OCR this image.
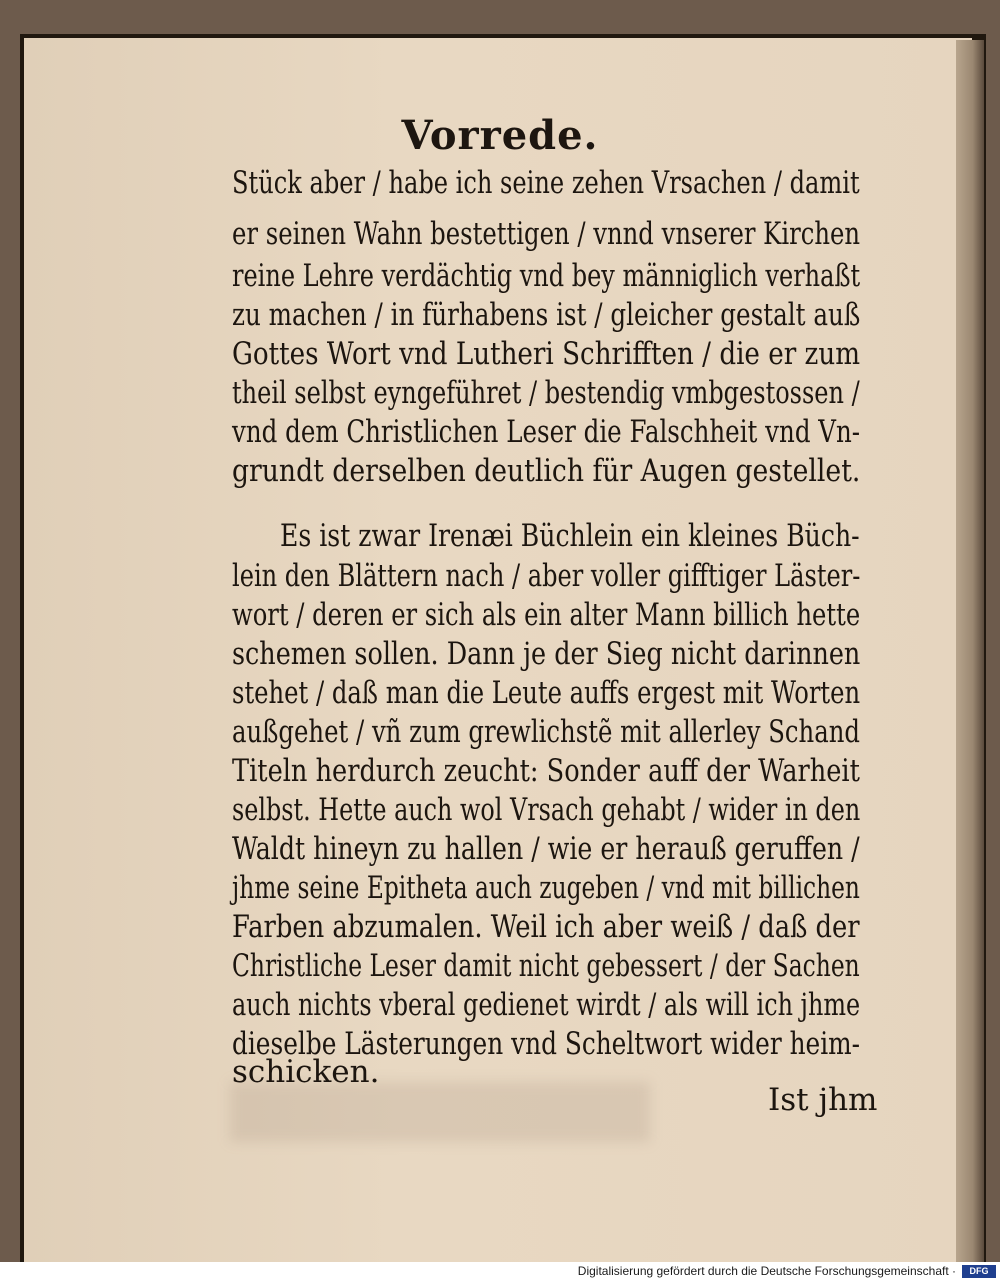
Vorrede.
Stück aber / habe ich seine zehen Vrsachen / damit
er seinen Wahn bestettigen / vnnd vnserer Kirchen
reine Lehre verdächtig vnd bey männiglich verhaßt
zu machen / in fürhabens ist / gleicher gestalt auß
Gottes Wort vnd Lutheri Schrifften / die er zum
theil selbst eyngeführet / bestendig vmbgestossen /
vnd dem Christlichen Leser die Falschheit vnd Vn-
grundt derselben deutlich für Augen gestellet.
Es ist zwar Irenæi Büchlein ein kleines Büch-
lein den Blättern nach / aber voller gifftiger Läster-
wort / deren er sich als ein alter Mann billich hette
schemen sollen. Dann je der Sieg nicht darinnen
stehet / daß man die Leute auffs ergest mit Worten
außgehet / vñ zum grewlichstẽ mit allerley Schand
Titeln herdurch zeucht: Sonder auff der Warheit
selbst. Hette auch wol Vrsach gehabt / wider in den
Waldt hineyn zu hallen / wie er herauß geruffen /
jhme seine Epitheta auch zugeben / vnd mit billichen
Farben abzumalen. Weil ich aber weiß / daß der
Christliche Leser damit nicht gebessert / der Sachen
auch nichts vberal gedienet wirdt / als will ich jhme
dieselbe Lästerungen vnd Scheltwort wider heim-
schicken.
Ist jhm
Digitalisierung gefördert durch die Deutsche Forschungsgemeinschaft ·	DFG
